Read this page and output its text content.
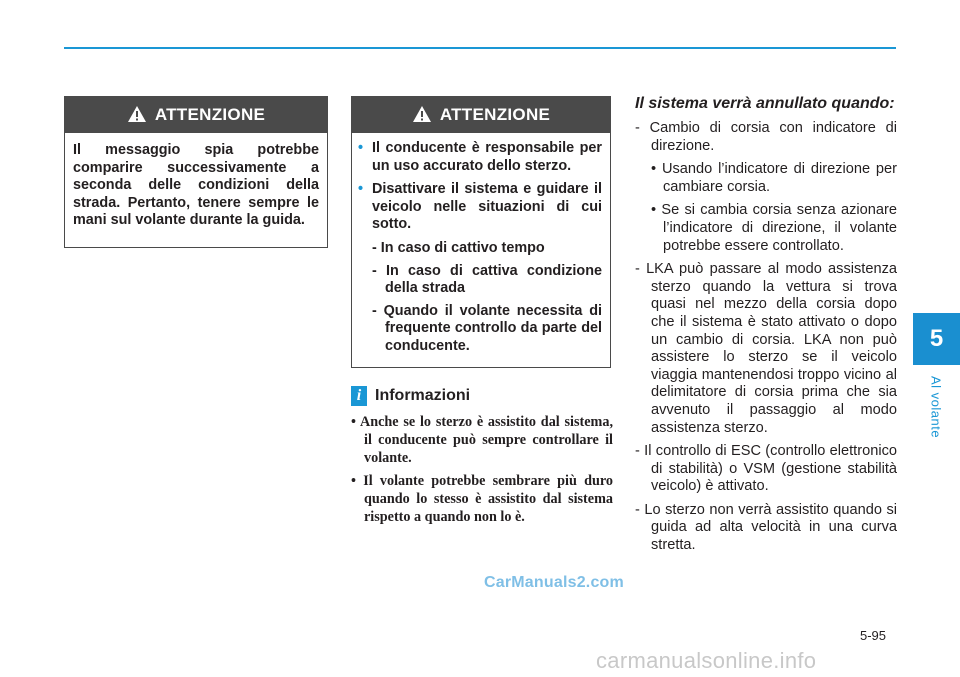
5
Al volante
ATTENZIONE
Il messaggio spia potrebbe comparire successivamente a seconda delle condizioni della strada. Pertanto, tenere sempre le mani sul volante durante la guida.
ATTENZIONE
• Il conducente è responsabile per un uso accurato dello sterzo.
• Disattivare il sistema e guidare il veicolo nelle situazioni di cui sotto.
- In caso di cattivo tempo
- In caso di cattiva condizione della strada
- Quando il volante necessita di frequente controllo da parte del conducente.
i Informazioni
• Anche se lo sterzo è assistito dal sistema, il conducente può sempre controllare il volante.
• Il volante potrebbe sembrare più duro quando lo stesso è assistito dal sistema rispetto a quando non lo è.
Il sistema verrà annullato quando:
- Cambio di corsia con indicatore di direzione.
• Usando l’indicatore di direzione per cambiare corsia.
• Se si cambia corsia senza azionare l’indicatore di direzione, il volante potrebbe essere controllato.
- LKA può passare al modo assistenza sterzo quando la vettura si trova quasi nel mezzo della corsia dopo che il sistema è stato attivato o dopo un cambio di corsia. LKA non può assistere lo sterzo se il veicolo viaggia mantenendosi troppo vicino al delimitatore di corsia prima che sia avvenuto il passaggio al modo assistenza sterzo.
- Il controllo di ESC (controllo elettronico di stabilità) o VSM (gestione stabilità veicolo) è attivato.
- Lo sterzo non verrà assistito quando si guida ad alta velocità in una curva stretta.
CarManuals2.com
5-95
carmanualsonline.info
